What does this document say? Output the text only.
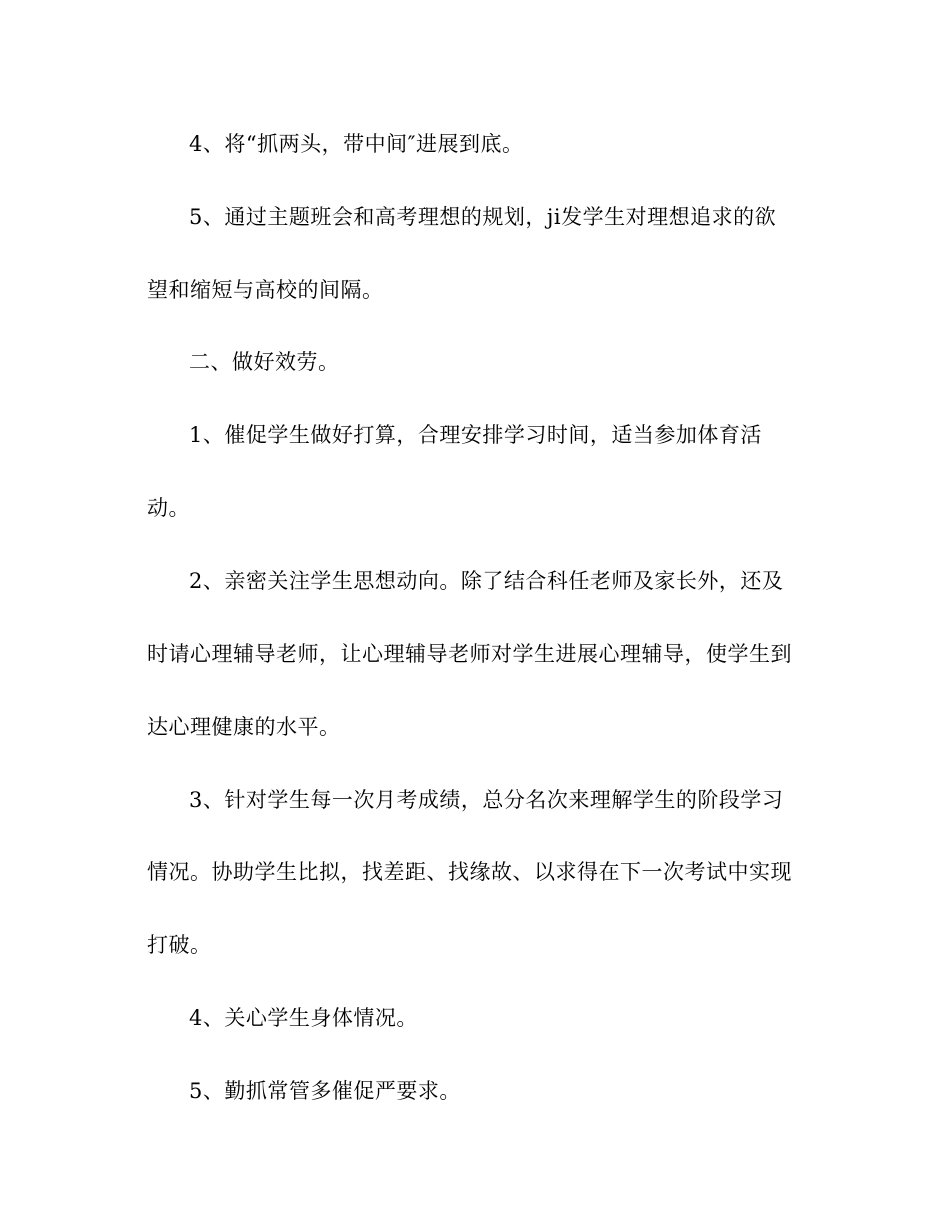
4、将“抓两头，带中间″进展到底。
5、通过主题班会和高考理想的规划，ji发学生对理想追求的欲
望和缩短与高校的间隔。
二、做好效劳。
1、催促学生做好打算，合理安排学习时间，适当参加体育活
动。
2、亲密关注学生思想动向。除了结合科任老师及家长外，还及
时请心理辅导老师，让心理辅导老师对学生进展心理辅导，使学生到
达心理健康的水平。
3、针对学生每一次月考成绩，总分名次来理解学生的阶段学习
情况。协助学生比拟，找差距、找缘故、以求得在下一次考试中实现
打破。
4、关心学生身体情况。
5、勤抓常管多催促严要求。
